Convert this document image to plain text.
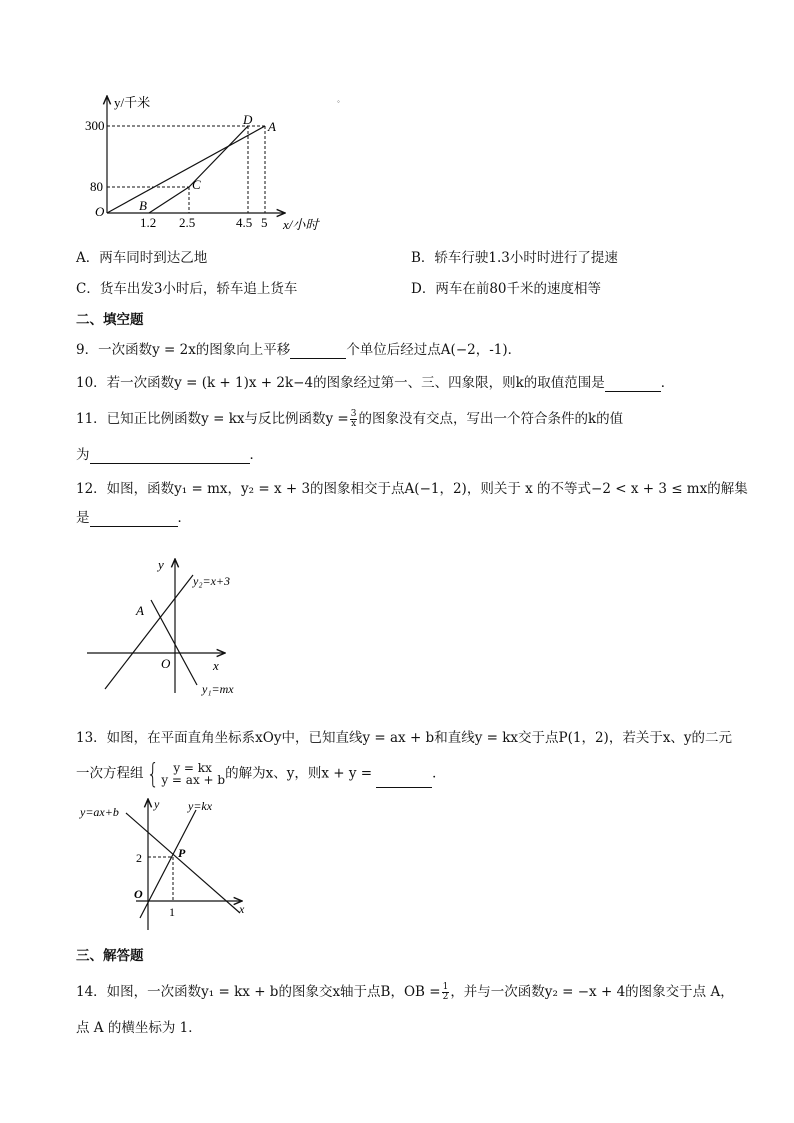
y/千米
x/小时
O
300
80
1.2 2.5	4.5 5
A
B
C
D
◦
A．两车同时到达乙地	B．轿车行驶1.3小时时进行了提速
C．货车出发3小时后，轿车追上货车	D．两车在前80千米的速度相等
二、填空题
9．一次函数y = 2x的图象向上平移	个单位后经过点A(−2，-1)．
10．若一次函数y = (k + 1)x + 2k−4的图象经过第一、三、四象限，则k的取值范围是	．
11．已知正比例函数y = kx与反比例函数$y = \frac{3}{x}$ 的图象没有交点，写出一个符合条件的k的值
为	．
12．如图，函数y₁ = mx，y₂ = x + 3的图象相交于点A(−1，2)，则关于 x 的不等式−2 < x + 3 ≤ mx的解集
是	．
y
x
O
A
y₂=x+3
y₁=mx
13．如图，在平面直角坐标系xOy中，已知直线y = ax + b和直线y = kx交于点P(1，2)，若关于x、y的二元
一次方程组 {	y = kx
y = ax + b 的解为x、y，则x + y =	．
y
x
O
2
1
P
y=ax+b	y=kx
三、解答题
14．如图，一次函数y₁ = kx + b的图象交x轴于点B，OB = $\frac{1}{2}$ ，并与一次函数y₂ = −x + 4的图象交于点 A，
点 A 的横坐标为 1．
